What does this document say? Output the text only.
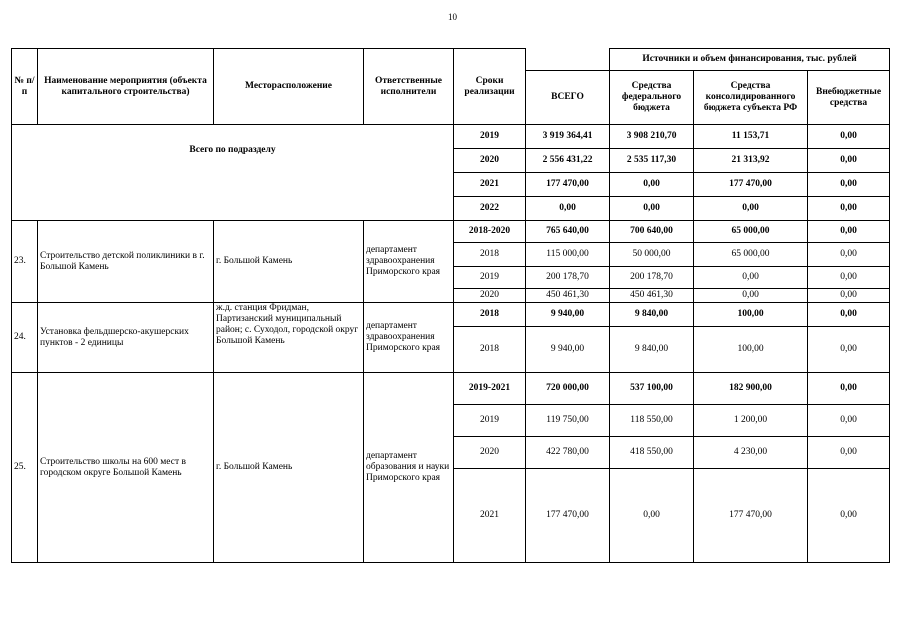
10
№ п/п	Наименование мероприятия (объекта капитального строительства)	Месторасположение	Ответственные исполнители	Сроки реализации		Источники и объем финансирования, тыс. рублей		
					ВСЕГО	Средства федерального бюджета	Средства консолидированного бюджета субъекта РФ	Внебюджетные средства
Всего по подразделу				2019	3 919 364,41	3 908 210,70	11 153,71	0,00
				2020	2 556 431,22	2 535 117,30	21 313,92	0,00
				2021	177 470,00	0,00	177 470,00	0,00
				2022	0,00	0,00	0,00	0,00
23.	Строительство детской поликлиники в г. Большой Камень	г. Большой Камень	департамент здравоохранения Приморского края	2018-2020	765 640,00	700 640,00	65 000,00	0,00
				2018	115 000,00	50 000,00	65 000,00	0,00
				2019	200 178,70	200 178,70	0,00	0,00
				2020	450 461,30	450 461,30	0,00	0,00
24.	Установка фельдшерско-акушерских пунктов - 2 единицы	ж.д. станция Фридман, Партизанский муниципальный район; с. Суходол, городской округ Большой Камень	департамент здравоохранения Приморского края	2018	9 940,00	9 840,00	100,00	0,00
				2018	9 940,00	9 840,00	100,00	0,00
25.	Строительство школы на 600 мест в городском округе Большой Камень	г. Большой Камень	департамент образования и науки Приморского края	2019-2021	720 000,00	537 100,00	182 900,00	0,00
				2019	119 750,00	118 550,00	1 200,00	0,00
				2020	422 780,00	418 550,00	4 230,00	0,00
				2021	177 470,00	0,00	177 470,00	0,00
